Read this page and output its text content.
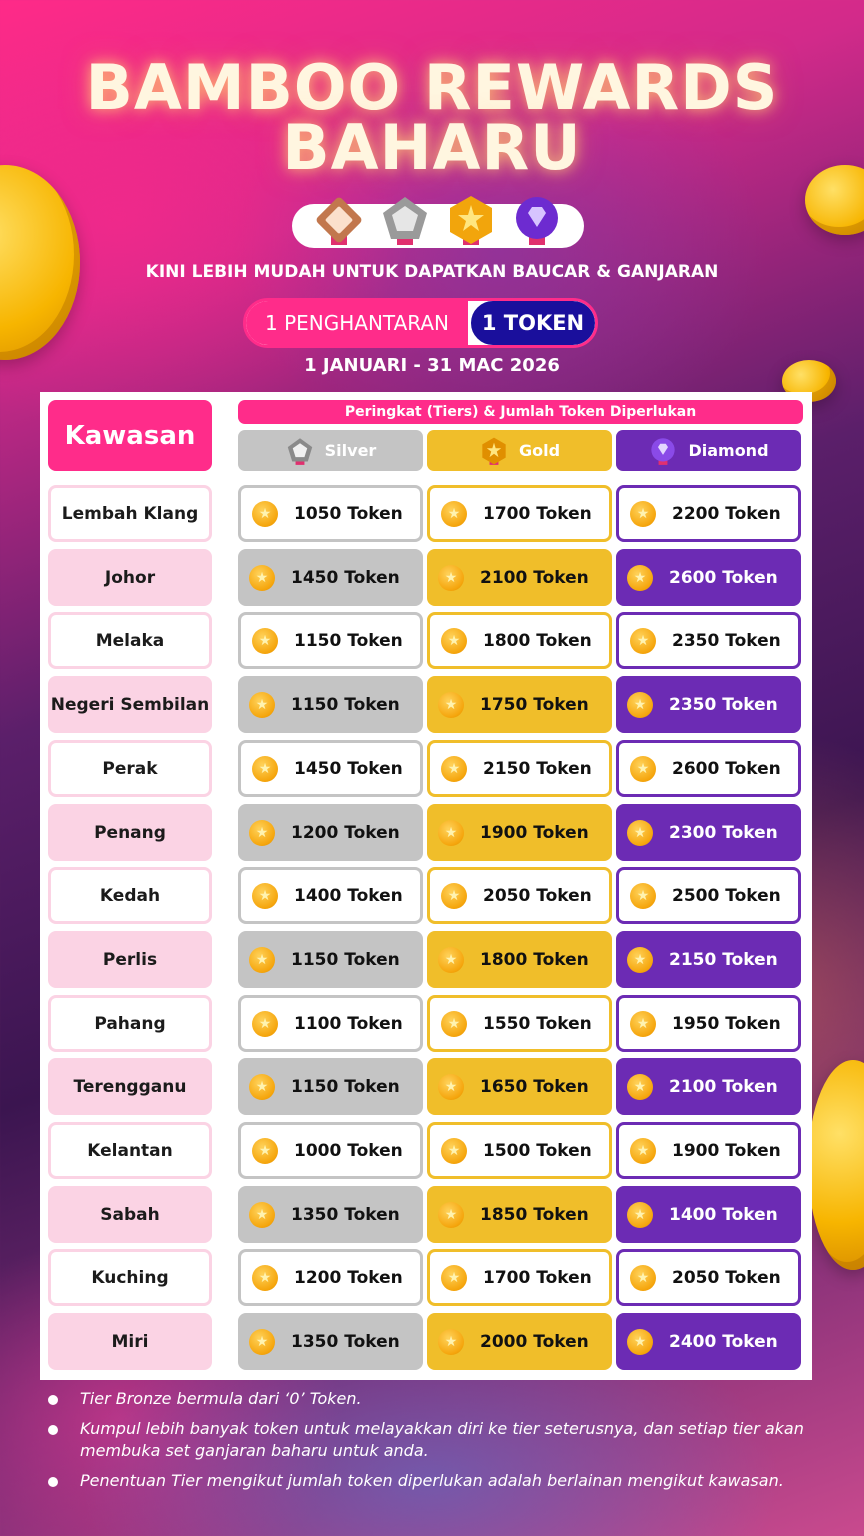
BAMBOO REWARDS
BAHARU
KINI LEBIH MUDAH UNTUK DAPATKAN BAUCAR & GANJARAN
1 PENGHANTARAN	1 TOKEN
1 JANUARI - 31 MAC 2026
Kawasan
Peringkat (Tiers) & Jumlah Token Diperlukan
Silver	Gold	Diamond
Lembah Klang	★	1050 Token	★	1700 Token	★	2200 Token
Johor	★	1450 Token	★	2100 Token	★	2600 Token
Melaka	★	1150 Token	★	1800 Token	★	2350 Token
Negeri Sembilan	★	1150 Token	★	1750 Token	★	2350 Token
Perak	★	1450 Token	★	2150 Token	★	2600 Token
Penang	★	1200 Token	★	1900 Token	★	2300 Token
Kedah	★	1400 Token	★	2050 Token	★	2500 Token
Perlis	★	1150 Token	★	1800 Token	★	2150 Token
Pahang	★	1100 Token	★	1550 Token	★	1950 Token
Terengganu	★	1150 Token	★	1650 Token	★	2100 Token
Kelantan	★	1000 Token	★	1500 Token	★	1900 Token
Sabah	★	1350 Token	★	1850 Token	★	1400 Token
Kuching	★	1200 Token	★	1700 Token	★	2050 Token
Miri	★	1350 Token	★	2000 Token	★	2400 Token
Tier Bronze bermula dari ‘0’ Token.
Kumpul lebih banyak token untuk melayakkan diri ke tier seterusnya, dan setiap tier akan membuka set ganjaran baharu untuk anda.
Penentuan Tier mengikut jumlah token diperlukan adalah berlainan mengikut kawasan.
